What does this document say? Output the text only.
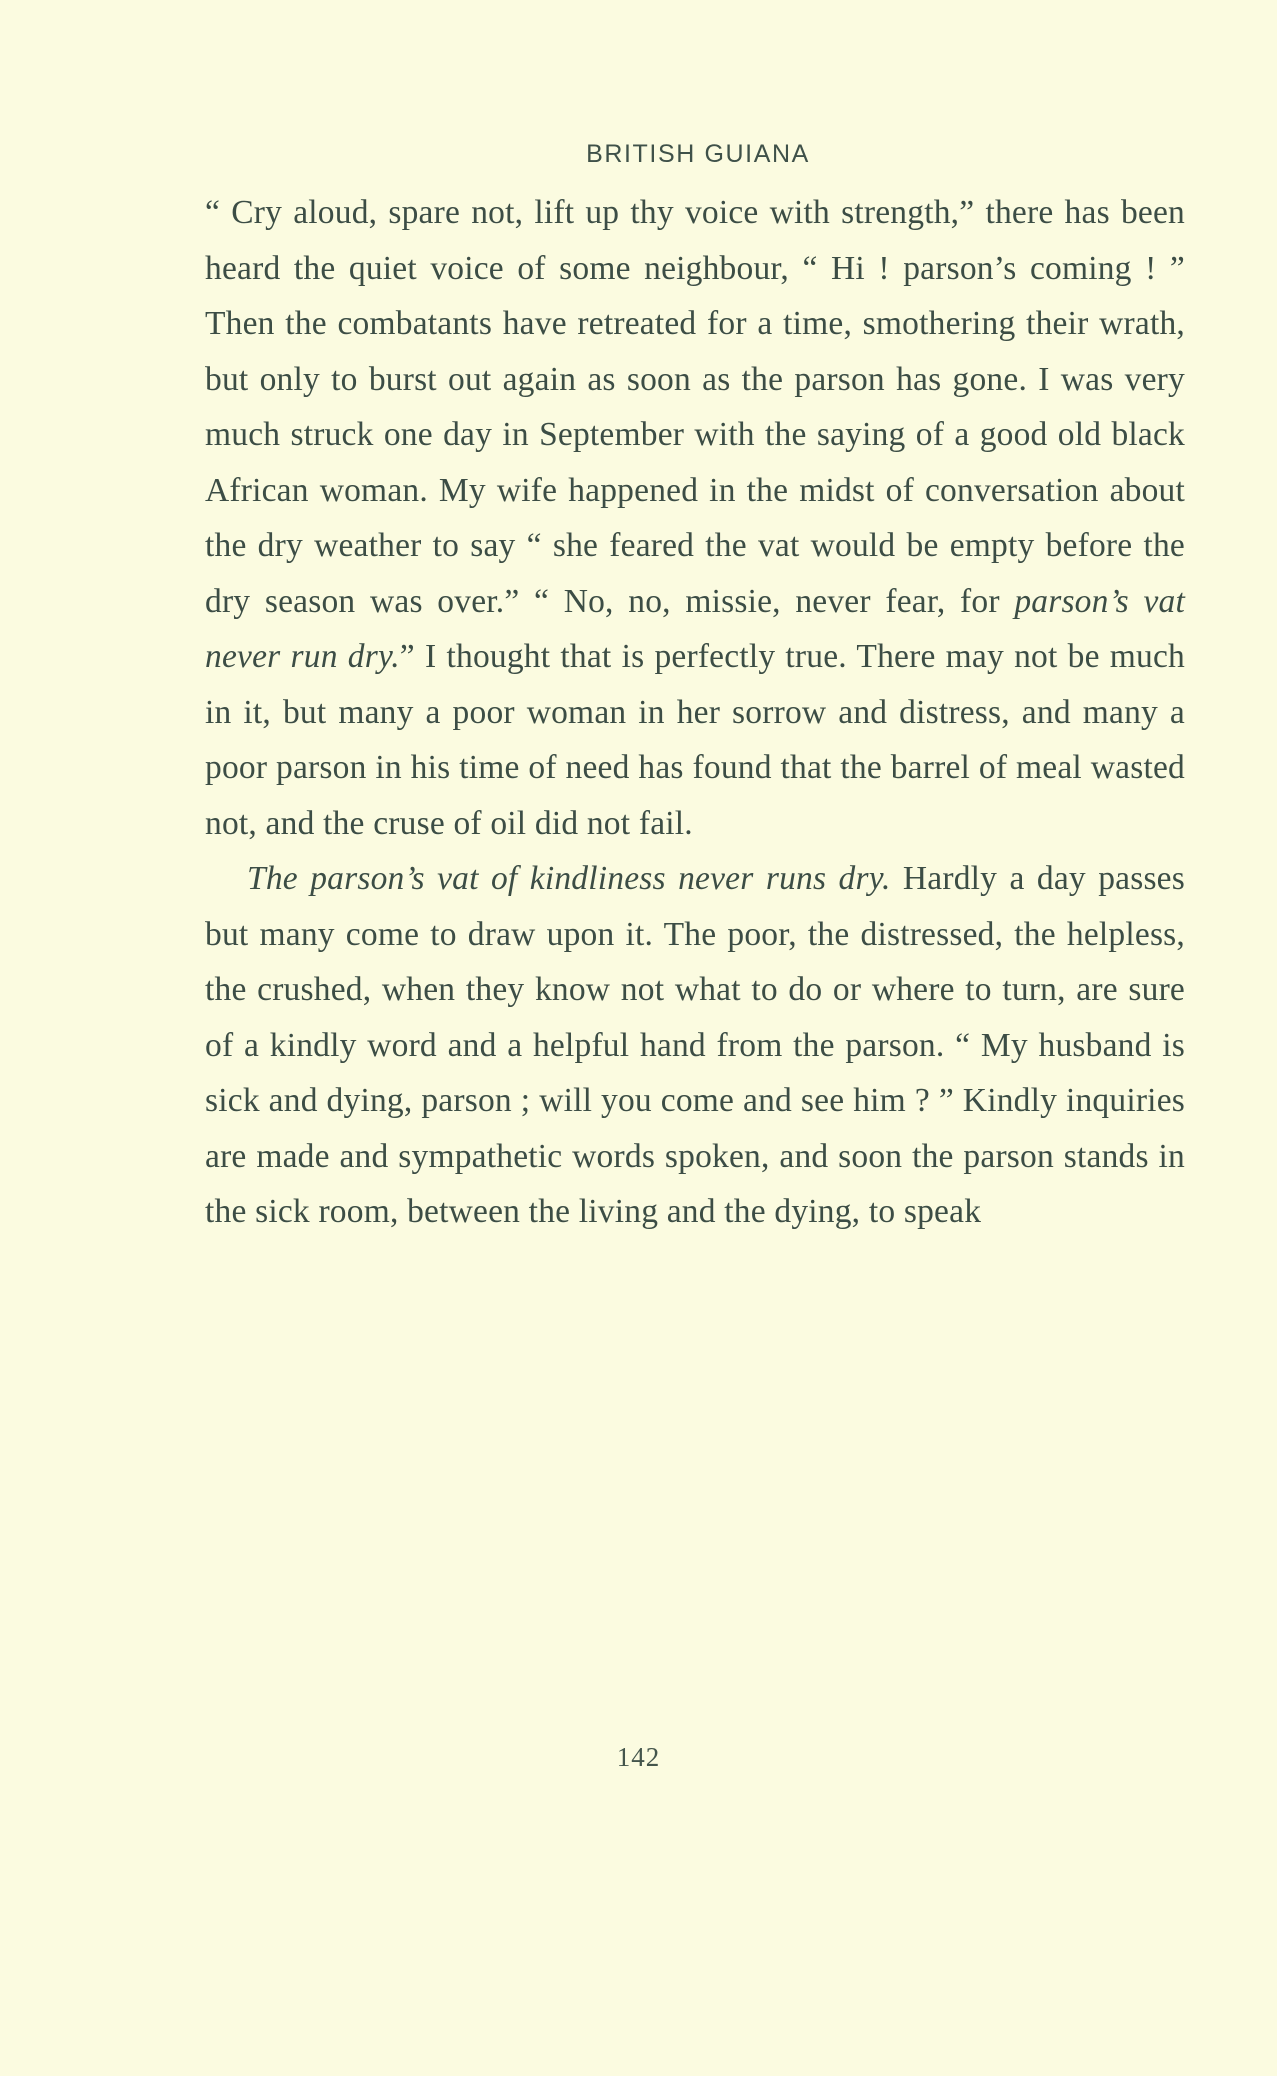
BRITISH GUIANA

“ Cry aloud, spare not, lift up thy voice with strength,” there has been heard the quiet voice of some neighbour, “ Hi ! parson’s coming ! ” Then the combatants have retreated for a time, smothering their wrath, but only to burst out again as soon as the parson has gone. I was very much struck one day in September with the saying of a good old black African woman. My wife happened in the midst of conversation about the dry weather to say “ she feared the vat would be empty before the dry season was over.” “ No, no, missie, never fear, for parson’s vat never run dry.” I thought that is perfectly true. There may not be much in it, but many a poor woman in her sorrow and distress, and many a poor parson in his time of need has found that the barrel of meal wasted not, and the cruse of oil did not fail.

The parson’s vat of kindliness never runs dry. Hardly a day passes but many come to draw upon it. The poor, the distressed, the helpless, the crushed, when they know not what to do or where to turn, are sure of a kindly word and a helpful hand from the parson. “ My husband is sick and dying, parson ; will you come and see him ? ” Kindly inquiries are made and sympathetic words spoken, and soon the parson stands in the sick room, between the living and the dying, to speak

142
